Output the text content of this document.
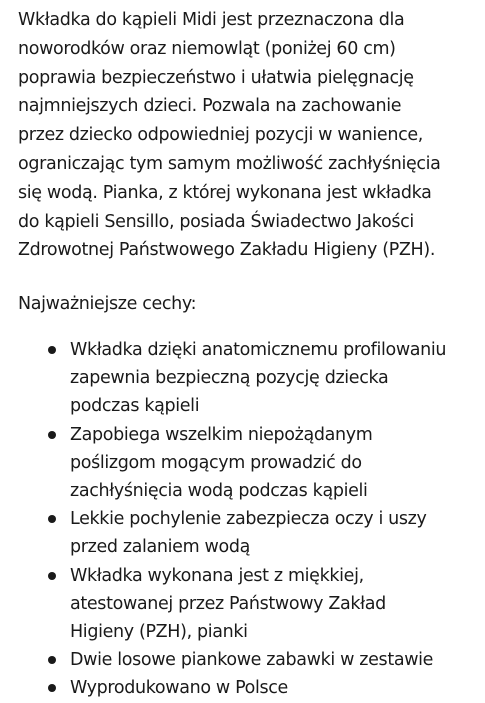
Wkładka do kąpieli Midi jest przeznaczona dla
noworodków oraz niemowląt (poniżej 60 cm)
poprawia bezpieczeństwo i ułatwia pielęgnację
najmniejszych dzieci. Pozwala na zachowanie
przez dziecko odpowiedniej pozycji w wanience,
ograniczając tym samym możliwość zachłyśnięcia
się wodą. Pianka, z której wykonana jest wkładka
do kąpieli Sensillo, posiada Świadectwo Jakości
Zdrowotnej Państwowego Zakładu Higieny (PZH).

Najważniejsze cechy:

Wkładka dzięki anatomicznemu profilowaniu
zapewnia bezpieczną pozycję dziecka
podczas kąpieli
Zapobiega wszelkim niepożądanym
poślizgom mogącym prowadzić do
zachłyśnięcia wodą podczas kąpieli
Lekkie pochylenie zabezpiecza oczy i uszy
przed zalaniem wodą
Wkładka wykonana jest z miękkiej,
atestowanej przez Państwowy Zakład
Higieny (PZH), pianki
Dwie losowe piankowe zabawki w zestawie
Wyprodukowano w Polsce
